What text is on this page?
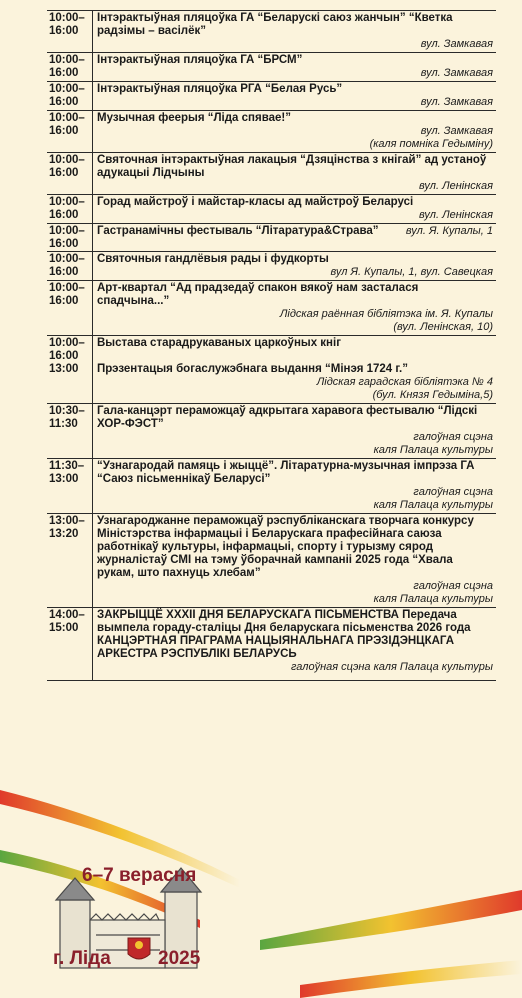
10:00–
16:00
Інтэрактыўная пляцоўка ГА “Беларускі саюз жанчын” “Кветка радзімы – васілёк”
вул. Замкавая
10:00–
16:00
Інтэрактыўная пляцоўка ГА “БРСМ”
вул. Замкавая
10:00–
16:00
Інтэрактыўная пляцоўка РГА “Белая Русь”
вул. Замкавая
10:00–
16:00
Музычная феерыя “Ліда спявае!”
вул. Замкавая
(каля помніка Гедыміну)
10:00–
16:00
Святочная інтэрактыўная лакацыя “Дзяцінства з кнігай” ад устаноў адукацыі Лідчыны
вул. Ленінская
10:00–
16:00
Горад майстроў і майстар-класы ад майстроў Беларусі
вул. Ленінская
10:00–
16:00
Гастранамічны фестываль “Літаратура&Страва” вул. Я. Купалы, 1
10:00–
16:00
Святочныя гандлёвыя рады і фудкорты
вул Я. Купалы, 1, вул. Савецкая
10:00–
16:00
Арт-квартал “Ад прадзедаў спакон вякоў нам засталася спадчына...”
Лідская раённая бібліятэка ім. Я. Купалы
(вул. Ленінская, 10)
10:00–
16:00
13:00
Выстава старадрукаваных царкоўных кніг
Прэзентацыя богаслужэбнага выдання “Мінэя 1724 г.”
Лідская гарадская бібліятэка № 4
(бул. Князя Гедыміна,5)
10:30–
11:30
Гала-канцэрт пераможцаў адкрытага харавога фестывалю “Лідскі ХОР-ФЭСТ”
галоўная сцэна
каля Палаца культуры
11:30–
13:00
“Узнагародай памяць і жыццё”. Літаратурна-музычная імпрэза ГА “Саюз пісьменнікаў Беларусі”
галоўная сцэна
каля Палаца культуры
13:00–
13:20
Узнагароджанне пераможцаў рэспубліканскага творчага конкурсу Міністэрства інфармацыі і Беларускага прафесійнага саюза работнікаў культуры, інфармацыі, спорту і турызму сярод журналістаў СМІ на тэму ўборачнай кампаніі 2025 года “Хвала рукам, што пахнуць хлебам”
галоўная сцэна
каля Палаца культуры
14:00–
15:00
ЗАКРЫЦЦЁ XXXII ДНЯ БЕЛАРУСКАГА ПІСЬМЕНСТВА Передача вымпела гораду-сталіцы Дня беларускага пісьменства 2026 года КАНЦЭРТНАЯ ПРАГРАМА НАЦЫЯНАЛЬНАГА ПРЭЗІДЭНЦКАГА АРКЕСТРА РЭСПУБЛІКІ БЕЛАРУСЬ
галоўная сцэна каля Палаца культуры
6–7 верасня
г. Ліда 2025
